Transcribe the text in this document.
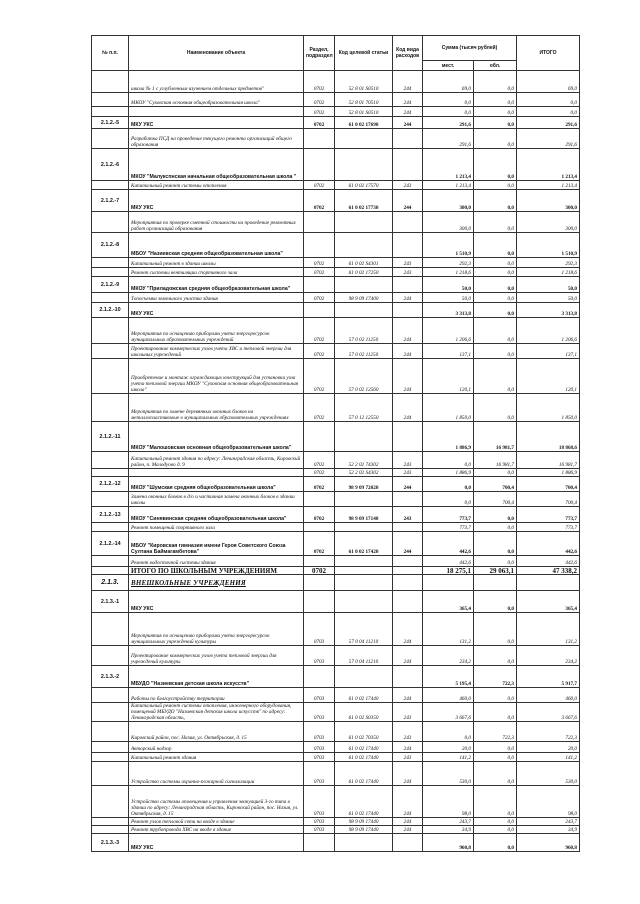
№ п.п.	Наименование объекта	Раздел, подраздел	Код целевой статьи	Код вида расходов	Сумма (тысяч рублей)		ИТОГО
					мест.	обл.	
	школа № 1 с углубленным изучением отдельных предметов"	0702	52 8 01 S0510	244	69,0	0,0	69,0
	МКОУ "Суховская основная общеобразовательная школа"	0702	52 8 01 70510	244	0,0	0,0	0,0
		0702	52 8 01 S0510	244	0,0	0,0	0,0
2.1.2.-5	МКУ УКС	0702	61 0 02 17690	244	291,6	0,0	291,6
	Разработка ПСД на проведение текущего ремонта организаций общего образования				291,6	0,0	291,6
2.1.2.-6	МКОУ "Малукспнская начальная общеобразовательная школа "				1 213,4	0,0	1 213,4
	Капитальный ремонт системы отопления	0702	61 0 02 17570	243	1 213,4	0,0	1 213,4
2.1.2.-7	МКУ УКС	0702	61 0 02 17730	244	300,0	0,0	300,0
	Мероприятия по проверке сметной стоимости на проведение ремонтных работ организаций образования				300,0	0,0	300,0
2.1.2.-8	МБОУ "Назиевская средняя общеобразовательная школа"				1 510,9	0,0	1 510,9
	Капитальный ремонт в здании школы	0702	61 0 02 S4301	243	292,3	0,0	292,3
	Ремонт системы вентиляции спортивного зала	0702	61 0 02 17250	243	1 218,6	0,0	1 218,6
2.1.2.-9	МКОУ "Приладожская средняя общеобразовательная школа"				50,0	0,0	50,0
	Топосъемка земельного участка здания	0702	98 9 09 17400	244	50,0	0,0	50,0
2.1.2.-10	МКУ УКС				3 313,8	0,0	3 313,8
	Мероприятия по оснащению приборами учета энергоресурсов муниципальных образовательных учреждений	0702	57 0 02 11250	244	1 206,6	0,0	1 206,6
	Проектирование коммерческих узлов учета ХВС и тепловой энергии для школьных учреждений	0702	57 0 02 11250	244	137,1	0,0	137,1
	Приобретение и монтаж ограждающих конструкций для установки узла учета тепловой энергии МКОУ "Суховская основная общеобразовательная школа"	0702	57 0 02 12560	244	120,1	0,0	120,1
	Мероприятия по замене деревянных оконных блоков на металлопластиковые в муниципальных образовательных учреждениях	0702	57 0 12 12550	244	1 850,0	0,0	1 850,0
2.1.2.-11	МКОУ "Малошовская основная общеобразовательная школа"				1 886,9	16 981,7	18 868,6
	Капитальный ремонт здания по адресу: Ленинградская область, Кировский район, п. Малодуово д. 9	0702	52 2 02 74302	243	0,0	16 981,7	16 981,7
		0702	52 2 02 S4302	243	1 886,9	0,0	1 886,9
2.1.2.-12	МКОУ "Шумская средняя общеобразовательная школа"	0702	98 9 09 72020	244	0,0	700,4	700,4
	Замена оконных блоков в д/о и частичная замена оконных блоков в здании школы				0,0	700,4	700,4
2.1.2.-13	МКОУ "Синявинская средняя общеобразовательная школа"	0702	98 9 09 17140	243	773,7	0,0	773,7
	Ремонт помещений спортивного зала				773,7	0,0	773,7
2.1.2.-14	МБОУ "Кировская гимназия имени Героя Советского Союза Султана Баймагамбетова"	0702	61 0 02 17420	244	442,6	0,0	442,6
	Ремонт водосточной системы здания				442,6	0,0	442,6
	ИТОГО ПО ШКОЛЬНЫМ УЧРЕЖДЕНИЯМ	0702			18 275,1	29 063,1	47 338,2
2.1.3.	ВНЕШКОЛЬНЫЕ УЧРЕЖДЕНИЯ						
2.1.3.-1	МКУ УКС				365,4	0,0	365,4
	Мероприятия по оснащению приборами учета энергоресурсов муниципальных учреждений культуры	0703	57 0 04 11210	244	131,2	0,0	131,2
	Проектирование коммерческих узлов учета тепловой энергии для учреждений культуры	0703	57 0 04 11210	244	234,2	0,0	234,2
2.1.3.-2	МБУДО "Назиевская детская школа искусств"				5 195,4	722,3	5 917,7
	Работы по благоустройству территории	0703	61 0 02 17440	244	460,0	0,0	460,0
	Капитальный ремонт системы отопления, инженерного оборудования, помещений МБУДО "Назиевская детская школа искусств" по адресу: Ленинградская область,	0703	61 0 02 S0350	243	3 667,6	0,0	3 667,6
	Кировский район, пос. Назия, ул. Октябрьская, д. 15	0703	61 0 02 70350	243	0,0	722,3	722,3
	Авторский надзор	0703	61 0 02 17440	244	20,0	0,0	20,0
	Капитальный ремонт здания	0703	61 0 02 17440	243	141,2	0,0	141,2
	Устройство системы охранно-пожарной сигнализации	0703	61 0 02 17440	244	530,0	0,0	530,0
	Устройство системы оповещения и управления эвакуацией 3-го типа в здании по адресу: Ленинградская область, Кировский район, пос. Назия, ул. Октябрьская, д. 15	0703	61 0 02 17440	244	98,0	0,0	98,0
	Ремонт узлов тепловой сети на вводе в здание	0703	98 9 09 17440	244	243,7	0,0	243,7
	Ремонт трубопровода ХВС на вводе в здание	0703	98 9 09 17440	244	34,9	0,0	34,9
2.1.3.-3	МКУ УКС				960,8	0,0	960,8
